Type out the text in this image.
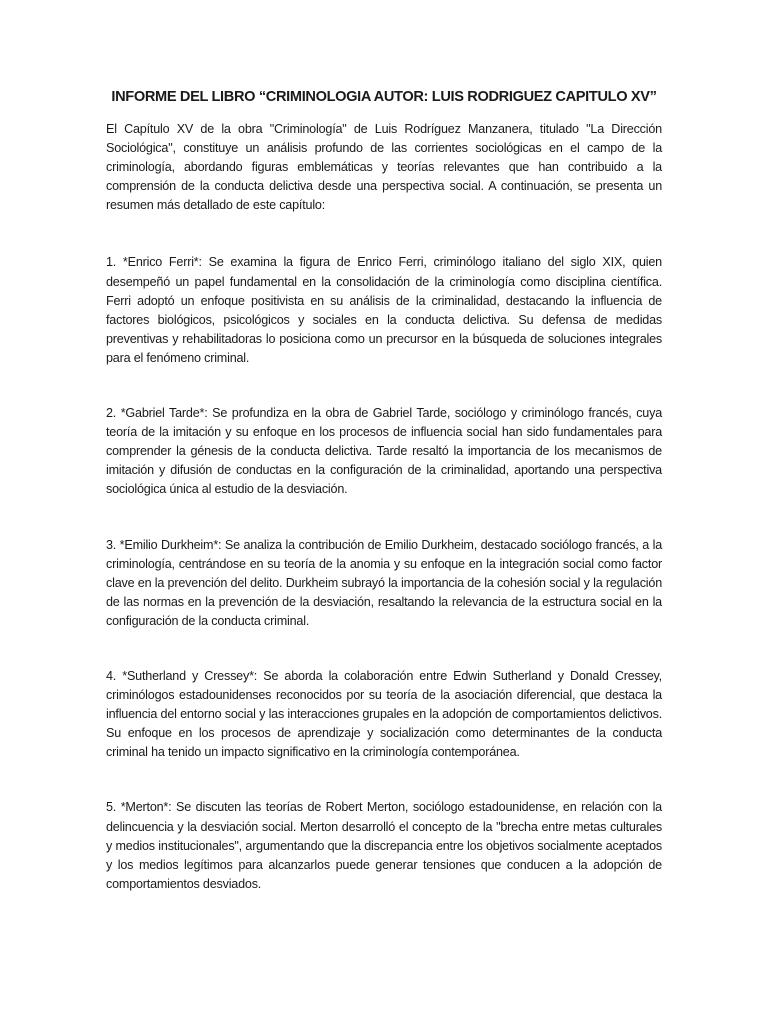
INFORME DEL LIBRO “CRIMINOLOGIA AUTOR: LUIS RODRIGUEZ CAPITULO XV”

El Capítulo XV de la obra "Criminología" de Luis Rodríguez Manzanera, titulado "La Dirección Sociológica", constituye un análisis profundo de las corrientes sociológicas en el campo de la criminología, abordando figuras emblemáticas y teorías relevantes que han contribuido a la comprensión de la conducta delictiva desde una perspectiva social. A continuación, se presenta un resumen más detallado de este capítulo:

1. *Enrico Ferri*: Se examina la figura de Enrico Ferri, criminólogo italiano del siglo XIX, quien desempeñó un papel fundamental en la consolidación de la criminología como disciplina científica. Ferri adoptó un enfoque positivista en su análisis de la criminalidad, destacando la influencia de factores biológicos, psicológicos y sociales en la conducta delictiva. Su defensa de medidas preventivas y rehabilitadoras lo posiciona como un precursor en la búsqueda de soluciones integrales para el fenómeno criminal.

2. *Gabriel Tarde*: Se profundiza en la obra de Gabriel Tarde, sociólogo y criminólogo francés, cuya teoría de la imitación y su enfoque en los procesos de influencia social han sido fundamentales para comprender la génesis de la conducta delictiva. Tarde resaltó la importancia de los mecanismos de imitación y difusión de conductas en la configuración de la criminalidad, aportando una perspectiva sociológica única al estudio de la desviación.

3. *Emilio Durkheim*: Se analiza la contribución de Emilio Durkheim, destacado sociólogo francés, a la criminología, centrándose en su teoría de la anomia y su enfoque en la integración social como factor clave en la prevención del delito. Durkheim subrayó la importancia de la cohesión social y la regulación de las normas en la prevención de la desviación, resaltando la relevancia de la estructura social en la configuración de la conducta criminal.

4. *Sutherland y Cressey*: Se aborda la colaboración entre Edwin Sutherland y Donald Cressey, criminólogos estadounidenses reconocidos por su teoría de la asociación diferencial, que destaca la influencia del entorno social y las interacciones grupales en la adopción de comportamientos delictivos. Su enfoque en los procesos de aprendizaje y socialización como determinantes de la conducta criminal ha tenido un impacto significativo en la criminología contemporánea.

5. *Merton*: Se discuten las teorías de Robert Merton, sociólogo estadounidense, en relación con la delincuencia y la desviación social. Merton desarrolló el concepto de la "brecha entre metas culturales y medios institucionales", argumentando que la discrepancia entre los objetivos socialmente aceptados y los medios legítimos para alcanzarlos puede generar tensiones que conducen a la adopción de comportamientos desviados.
